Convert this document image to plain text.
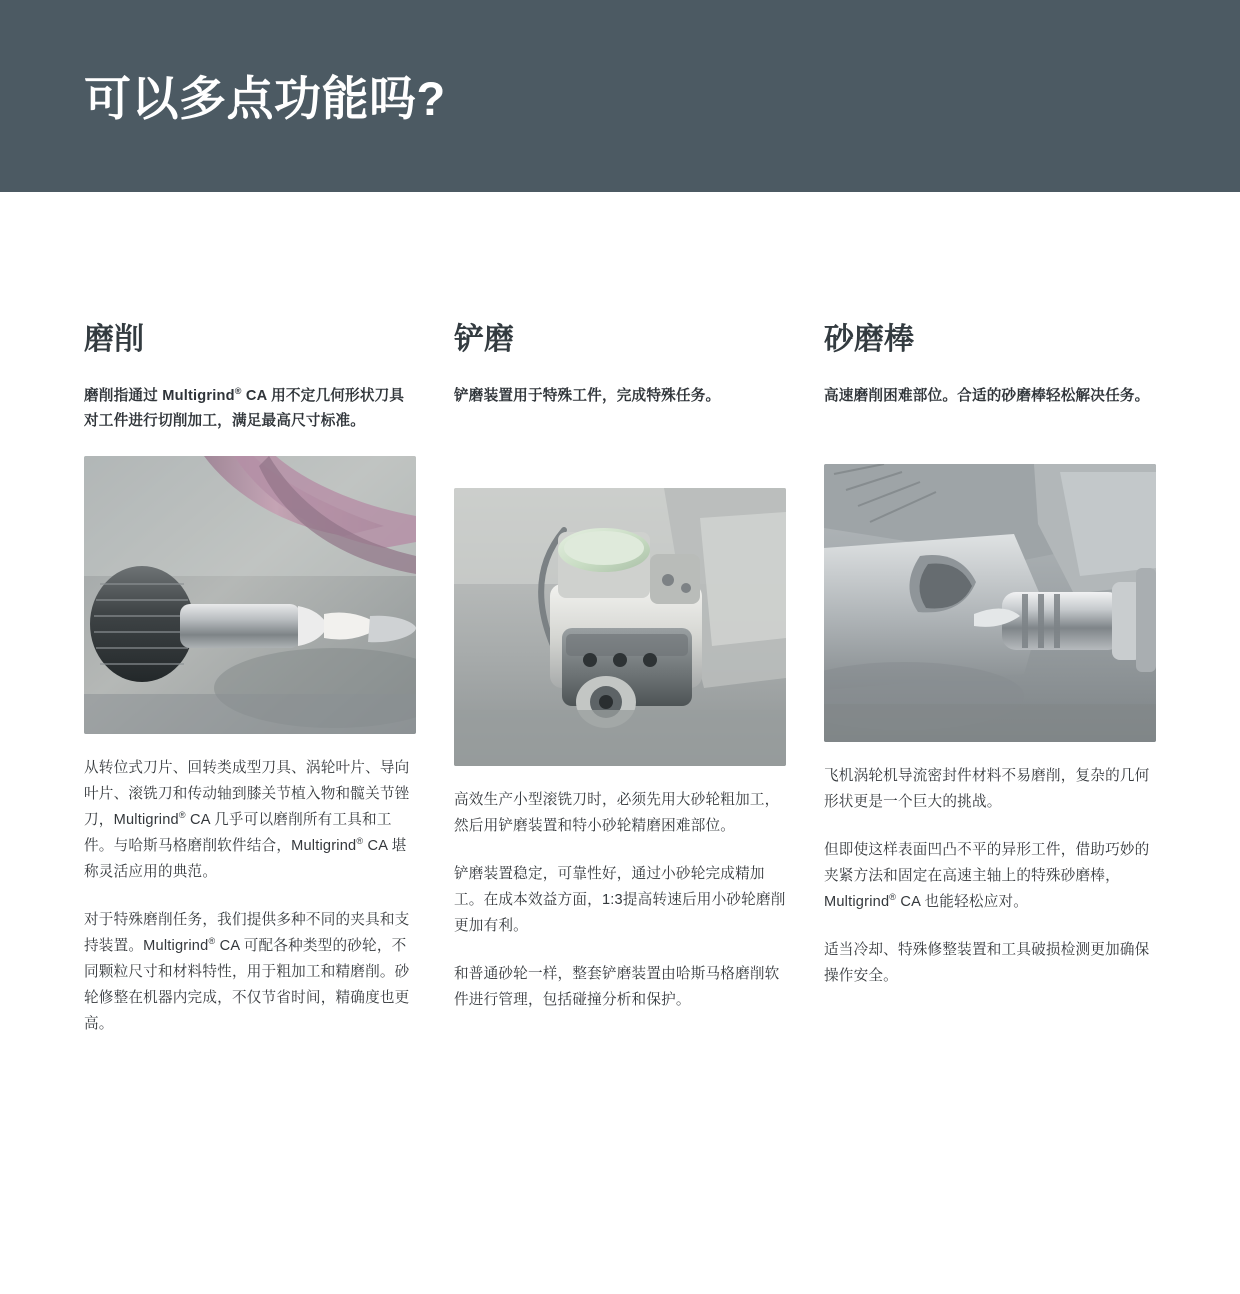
可以多点功能吗?
磨削
磨削指通过 Multigrind® CA 用不定几何形状刀具对工件进行切削加工，满足最高尺寸标准。

从转位式刀片、回转类成型刀具、涡轮叶片、导向叶片、滚铣刀和传动轴到膝关节植入物和髋关节锉刀，Multigrind® CA 几乎可以磨削所有工具和工件。与哈斯马格磨削软件结合，Multigrind® CA 堪称灵活应用的典范。

对于特殊磨削任务，我们提供多种不同的夹具和支持装置。Multigrind® CA 可配各种类型的砂轮，不同颗粒尺寸和材料特性，用于粗加工和精磨削。砂轮修整在机器内完成，不仅节省时间，精确度也更高。

铲磨
铲磨装置用于特殊工件，完成特殊任务。

高效生产小型滚铣刀时，必须先用大砂轮粗加工，然后用铲磨装置和特小砂轮精磨困难部位。

铲磨装置稳定，可靠性好，通过小砂轮完成精加工。在成本效益方面，1:3提高转速后用小砂轮磨削更加有利。

和普通砂轮一样，整套铲磨装置由哈斯马格磨削软件进行管理，包括碰撞分析和保护。

砂磨棒
高速磨削困难部位。合适的砂磨棒轻松解决任务。

飞机涡轮机导流密封件材料不易磨削，复杂的几何形状更是一个巨大的挑战。

但即使这样表面凹凸不平的异形工件，借助巧妙的夹紧方法和固定在高速主轴上的特殊砂磨棒，Multigrind® CA 也能轻松应对。

适当冷却、特殊修整装置和工具破损检测更加确保操作安全。
